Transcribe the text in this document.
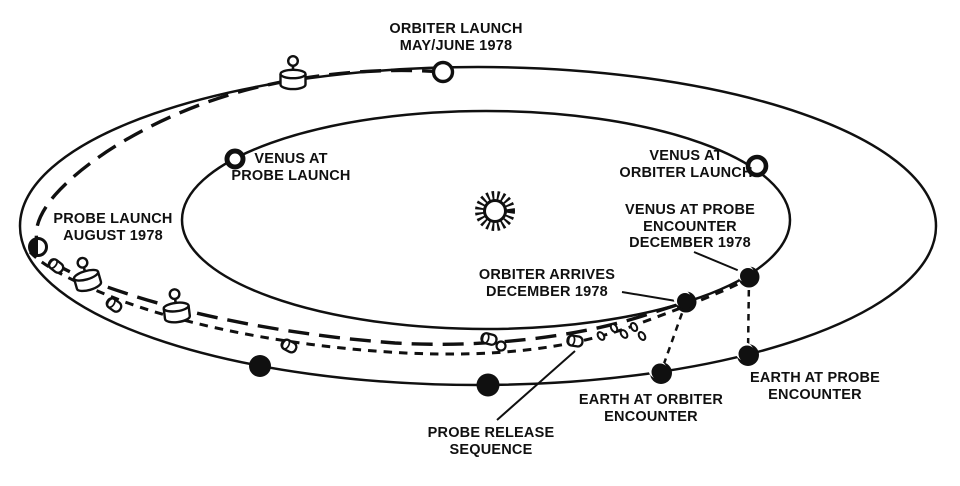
ORBITER LAUNCH
MAY/JUNE 1978
VENUS AT
PROBE LAUNCH
VENUS AT
ORBITER LAUNCH
VENUS AT PROBE
ENCOUNTER
DECEMBER 1978
ORBITER ARRIVES
DECEMBER 1978
EARTH AT ORBITER
ENCOUNTER
EARTH AT PROBE
ENCOUNTER
PROBE RELEASE
SEQUENCE
PROBE LAUNCH
AUGUST 1978
